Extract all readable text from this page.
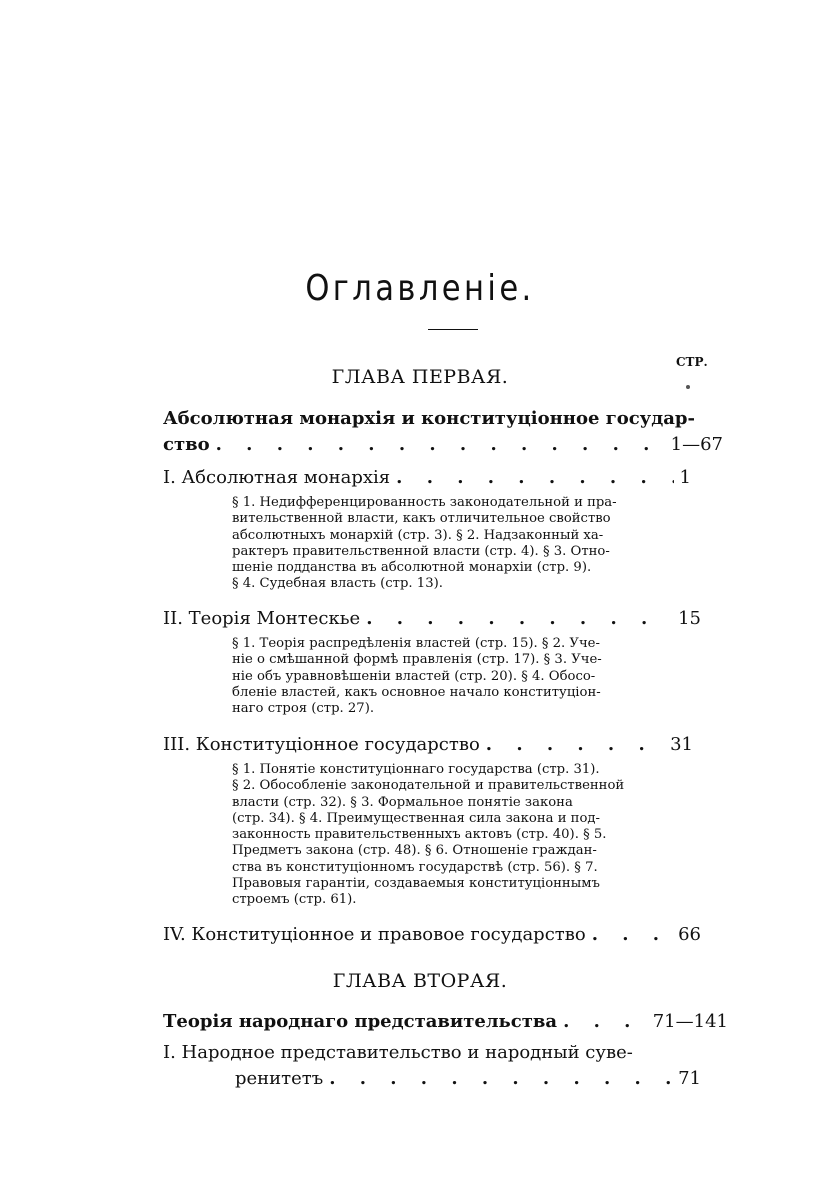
Оглавленіе.
СТР.
ГЛАВА ПЕРВАЯ.
Абсолютная монархія и конституціонное государ-
ство . . .	1—67
I. Абсолютная монархія . . .	1
§ 1. Недифференцированность законодательной и пра-
вительственной власти, какъ отличительное свойство
абсолютныхъ монархій (стр. 3). § 2. Надзаконный ха-
рактеръ правительственной власти (стр. 4). § 3. Отно-
шеніе подданства въ абсолютной монархіи (стр. 9).
§ 4. Судебная власть (стр. 13).
II. Теорія Монтескье . . .	15
§ 1. Теорія распредѣленія властей (стр. 15). § 2. Уче-
ніе о смѣшанной формѣ правленія (стр. 17). § 3. Уче-
ніе объ уравновѣшеніи властей (стр. 20). § 4. Обосо-
бленіе властей, какъ основное начало конституціон-
наго строя (стр. 27).
III. Конституціонное государство . . .	31
§ 1. Понятіе конституціоннаго государства (стр. 31).
§ 2. Обособленіе законодательной и правительственной
власти (стр. 32). § 3. Формальное понятіе закона
(стр. 34). § 4. Преимущественная сила закона и под-
законность правительственныхъ актовъ (стр. 40). § 5.
Предметъ закона (стр. 48). § 6. Отношеніе граждан-
ства въ конституціонномъ государствѣ (стр. 56). § 7.
Правовыя гарантіи, создаваемыя конституціоннымъ
строемъ (стр. 61).
IV. Конституціонное и правовое государство . . .	66
ГЛАВА ВТОРАЯ.
Теорія народнаго представительства . . .	71—141
I. Народное представительство и народный суве-
ренитетъ . . .	71
